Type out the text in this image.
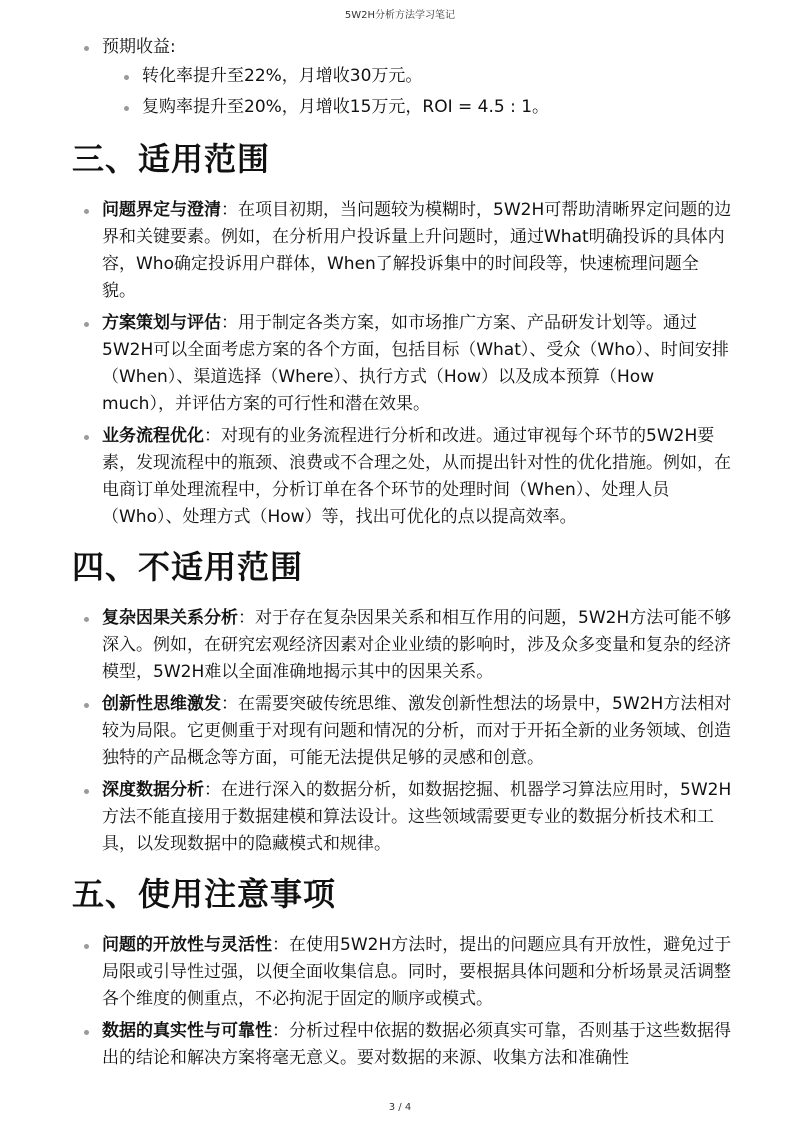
5W2H分析方法学习笔记
预期收益:
转化率提升至22%，月增收30万元。
复购率提升至20%，月增收15万元，ROI = 4.5 : 1。
三、适用范围
问题界定与澄清：在项目初期，当问题较为模糊时，5W2H可帮助清晰界定问题的边界和关键要素。例如，在分析用户投诉量上升问题时，通过What明确投诉的具体内容，Who确定投诉用户群体，When了解投诉集中的时间段等，快速梳理问题全貌。
方案策划与评估：用于制定各类方案，如市场推广方案、产品研发计划等。通过5W2H可以全面考虑方案的各个方面，包括目标（What）、受众（Who）、时间安排（When）、渠道选择（Where）、执行方式（How）以及成本预算（How much），并评估方案的可行性和潜在效果。
业务流程优化：对现有的业务流程进行分析和改进。通过审视每个环节的5W2H要素，发现流程中的瓶颈、浪费或不合理之处，从而提出针对性的优化措施。例如，在电商订单处理流程中，分析订单在各个环节的处理时间（When）、处理人员（Who）、处理方式（How）等，找出可优化的点以提高效率。
四、不适用范围
复杂因果关系分析：对于存在复杂因果关系和相互作用的问题，5W2H方法可能不够深入。例如，在研究宏观经济因素对企业业绩的影响时，涉及众多变量和复杂的经济模型，5W2H难以全面准确地揭示其中的因果关系。
创新性思维激发：在需要突破传统思维、激发创新性想法的场景中，5W2H方法相对较为局限。它更侧重于对现有问题和情况的分析，而对于开拓全新的业务领域、创造独特的产品概念等方面，可能无法提供足够的灵感和创意。
深度数据分析：在进行深入的数据分析，如数据挖掘、机器学习算法应用时，5W2H方法不能直接用于数据建模和算法设计。这些领域需要更专业的数据分析技术和工具，以发现数据中的隐藏模式和规律。
五、使用注意事项
问题的开放性与灵活性：在使用5W2H方法时，提出的问题应具有开放性，避免过于局限或引导性过强，以便全面收集信息。同时，要根据具体问题和分析场景灵活调整各个维度的侧重点，不必拘泥于固定的顺序或模式。
数据的真实性与可靠性：分析过程中依据的数据必须真实可靠，否则基于这些数据得出的结论和解决方案将毫无意义。要对数据的来源、收集方法和准确性
3 / 4
